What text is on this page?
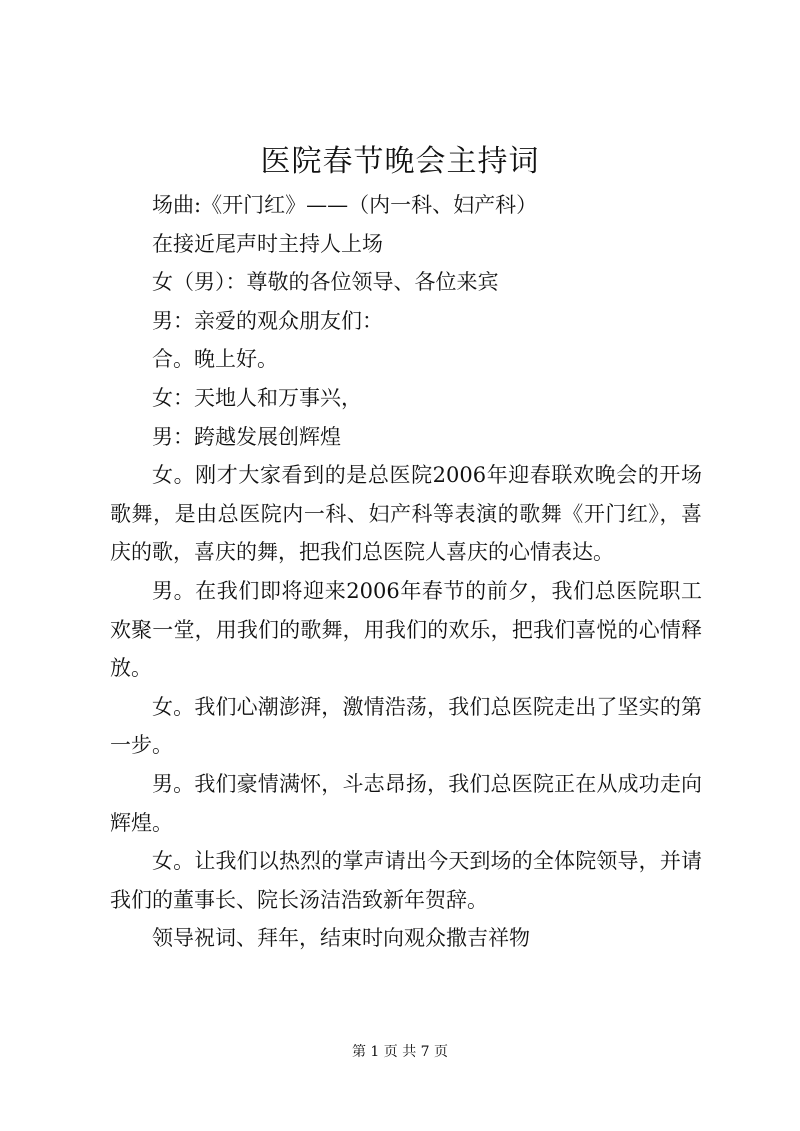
医院春节晚会主持词

场曲:《开门红》——（内一科、妇产科）

在接近尾声时主持人上场

女（男）：尊敬的各位领导、各位来宾

男：亲爱的观众朋友们：

合。晚上好。

女：天地人和万事兴，

男：跨越发展创辉煌

女。刚才大家看到的是总医院2006年迎春联欢晚会的开场歌舞，是由总医院内一科、妇产科等表演的歌舞《开门红》，喜庆的歌，喜庆的舞，把我们总医院人喜庆的心情表达。

男。在我们即将迎来2006年春节的前夕，我们总医院职工欢聚一堂，用我们的歌舞，用我们的欢乐，把我们喜悦的心情释放。

女。我们心潮澎湃，激情浩荡，我们总医院走出了坚实的第一步。

男。我们豪情满怀，斗志昂扬，我们总医院正在从成功走向辉煌。

女。让我们以热烈的掌声请出今天到场的全体院领导，并请我们的董事长、院长汤洁浩致新年贺辞。

领导祝词、拜年，结束时向观众撒吉祥物

第 1 页 共 7 页
